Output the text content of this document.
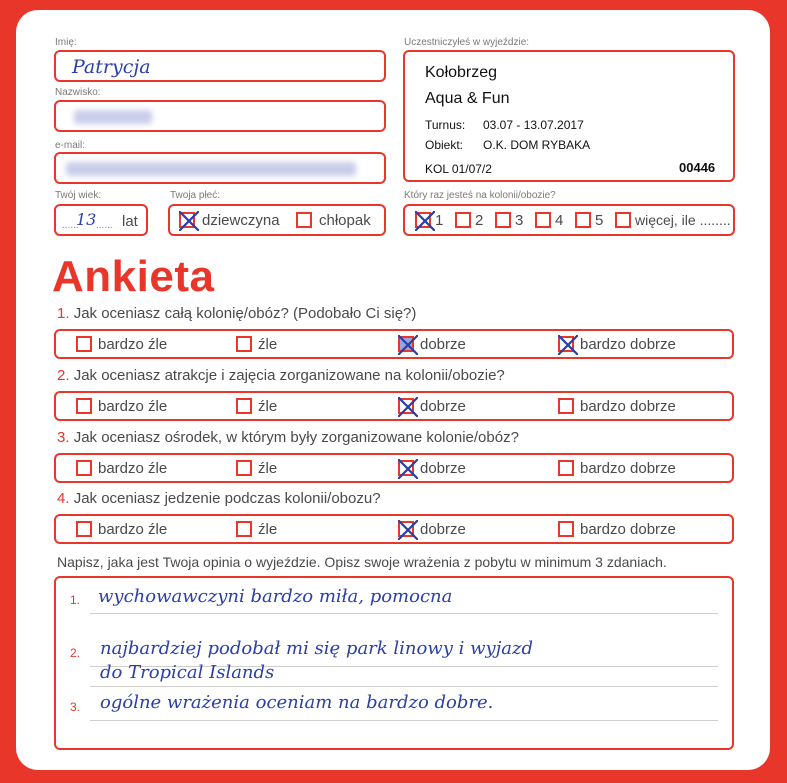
Imię:
Patrycja
Nazwisko:
e-mail:
Twój wiek:
......
13 ...... lat
Twoja płeć:
dziewczyna	chłopak
Uczestniczyłeś w wyjeździe:
Kołobrzeg
Aqua & Fun
Turnus: 03.07 - 13.07.2017
Obiekt: O.K. DOM RYBAKA
KOL 01/07/2	00446
Który raz jesteś na kolonii/obozie?
1 2 3 4 5 więcej, ile ........
Ankieta
1. Jak oceniasz całą kolonię/obóz? (Podobało Ci się?)
bardzo źle	źle	dobrze	bardzo dobrze
2. Jak oceniasz atrakcje i zajęcia zorganizowane na kolonii/obozie?
bardzo źle	źle	dobrze	bardzo dobrze
3. Jak oceniasz ośrodek, w którym były zorganizowane kolonie/obóz?
bardzo źle	źle	dobrze	bardzo dobrze
4. Jak oceniasz jedzenie podczas kolonii/obozu?
bardzo źle	źle	dobrze	bardzo dobrze
Napisz, jaka jest Twoja opinia o wyjeździe. Opisz swoje wrażenia z pobytu w minimum 3 zdaniach.
1. wychowawczyni bardzo miła, pomocna
2. najbardziej podobał mi się park linowy i wyjazd
do Tropical Islands
3. ogólne wrażenia oceniam na bardzo dobre.
